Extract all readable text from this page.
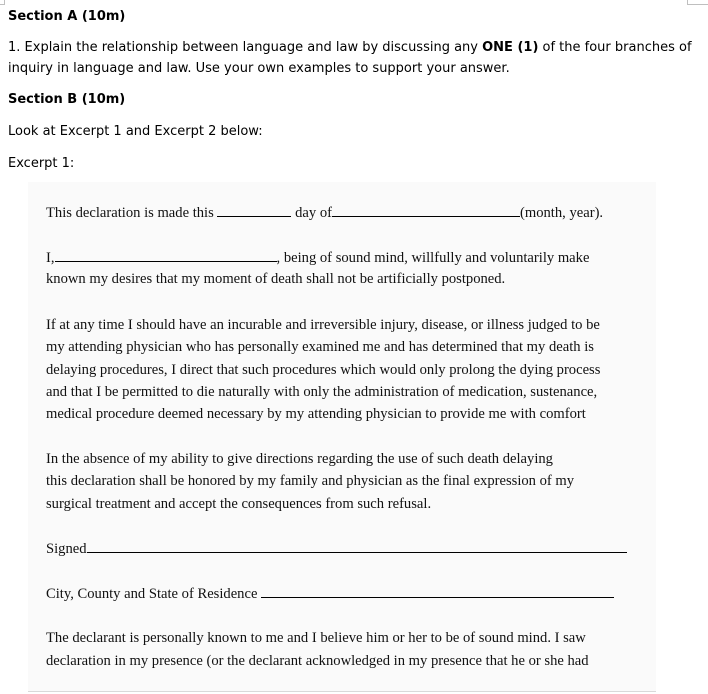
Section A (10m)
1. Explain the relationship between language and law by discussing any ONE (1) of the four branches of
inquiry in language and law. Use your own examples to support your answer.
Section B (10m)
Look at Excerpt 1 and Excerpt 2 below:
Excerpt 1:
This declaration is made this	day of	(month, year).
I,	, being of sound mind, willfully and voluntarily make
known my desires that my moment of death shall not be artificially postponed.
If at any time I should have an incurable and irreversible injury, disease, or illness judged to be
my attending physician who has personally examined me and has determined that my death is
delaying procedures, I direct that such procedures which would only prolong the dying process
and that I be permitted to die naturally with only the administration of medication, sustenance,
medical procedure deemed necessary by my attending physician to provide me with comfort
In the absence of my ability to give directions regarding the use of such death delaying
this declaration shall be honored by my family and physician as the final expression of my
surgical treatment and accept the consequences from such refusal.
Signed
City, County and State of Residence
The declarant is personally known to me and I believe him or her to be of sound mind. I saw
declaration in my presence (or the declarant acknowledged in my presence that he or she had
